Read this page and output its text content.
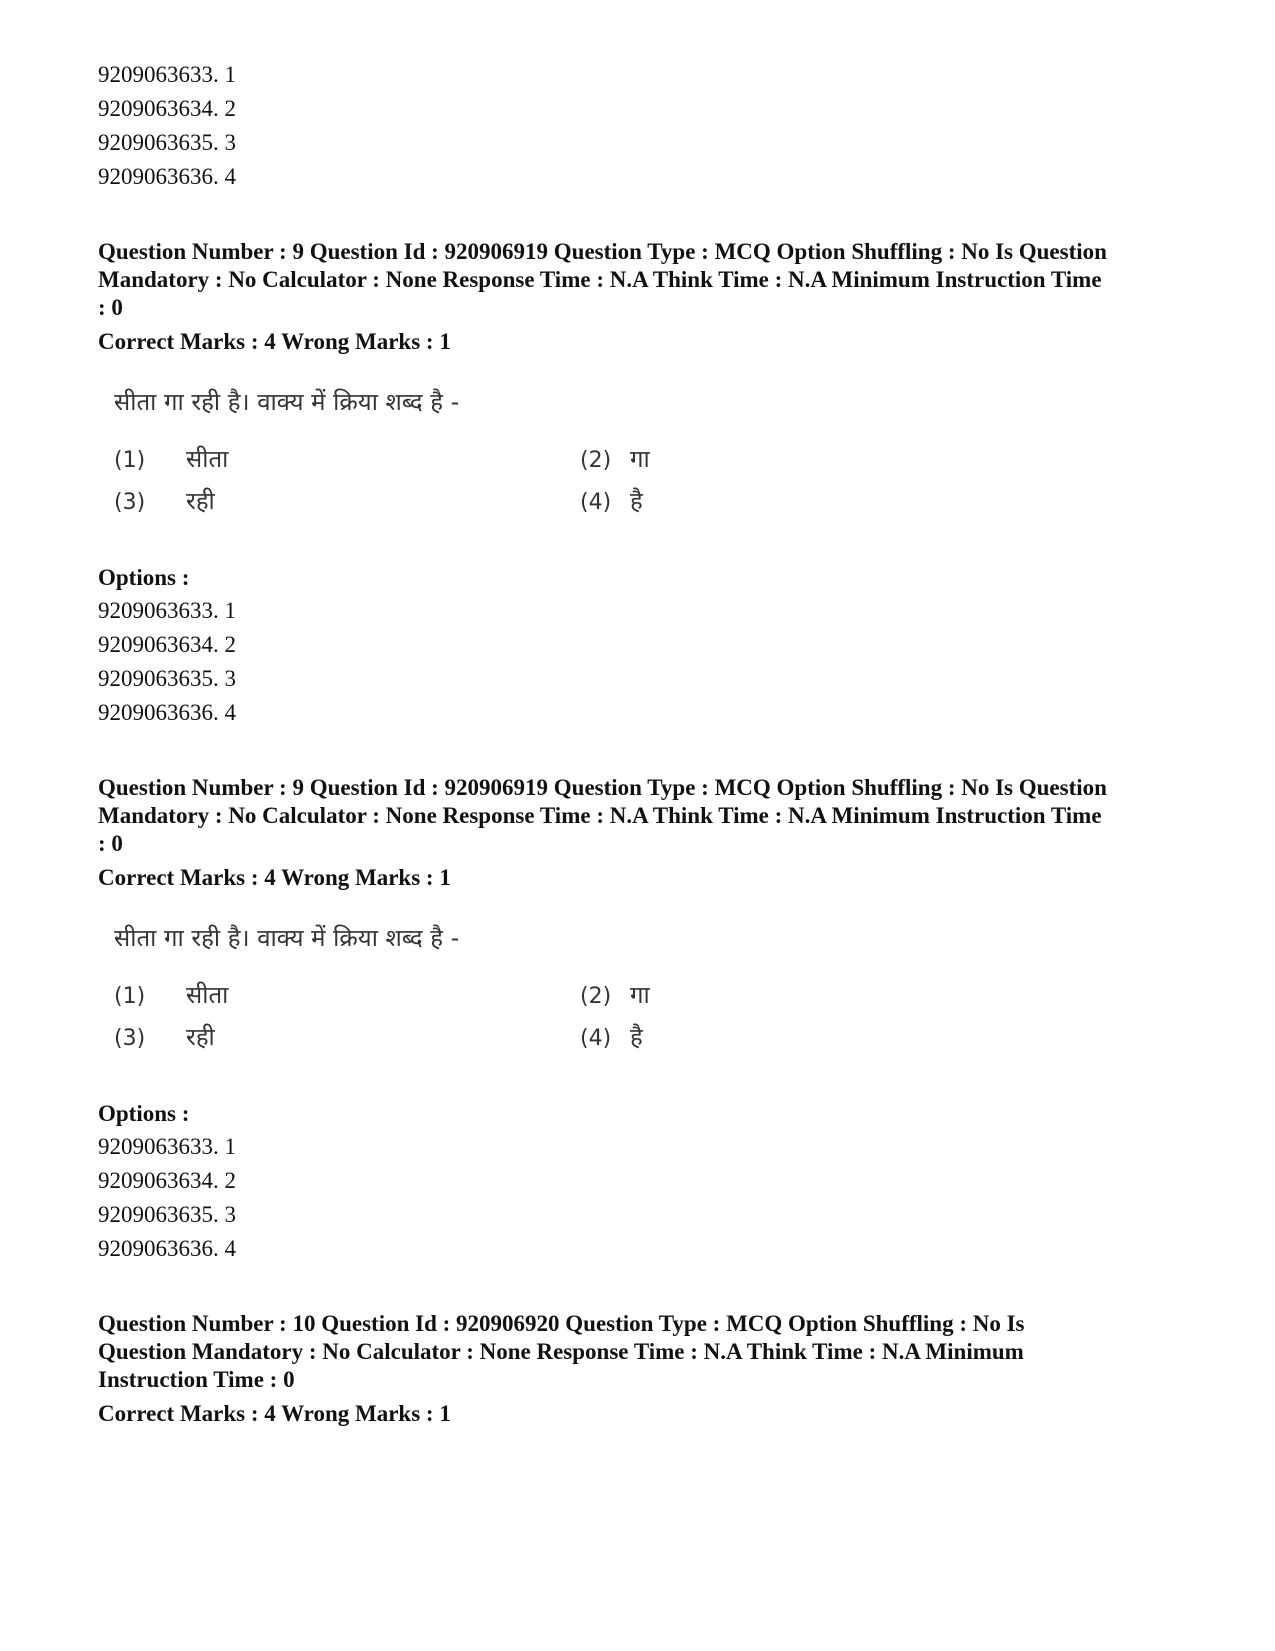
9209063633. 1
9209063634. 2
9209063635. 3
9209063636. 4
Question Number : 9 Question Id : 920906919 Question Type : MCQ Option Shuffling : No Is Question Mandatory : No Calculator : None Response Time : N.A Think Time : N.A Minimum Instruction Time : 0
Correct Marks : 4 Wrong Marks : 1
सीता गा रही है। वाक्य में क्रिया शब्द है -
(1) सीता	(2) गा
(3) रही	(4) है
Options :
9209063633. 1
9209063634. 2
9209063635. 3
9209063636. 4
Question Number : 9 Question Id : 920906919 Question Type : MCQ Option Shuffling : No Is Question Mandatory : No Calculator : None Response Time : N.A Think Time : N.A Minimum Instruction Time : 0
Correct Marks : 4 Wrong Marks : 1
सीता गा रही है। वाक्य में क्रिया शब्द है -
(1) सीता	(2) गा
(3) रही	(4) है
Options :
9209063633. 1
9209063634. 2
9209063635. 3
9209063636. 4
Question Number : 10 Question Id : 920906920 Question Type : MCQ Option Shuffling : No Is Question Mandatory : No Calculator : None Response Time : N.A Think Time : N.A Minimum Instruction Time : 0
Correct Marks : 4 Wrong Marks : 1
